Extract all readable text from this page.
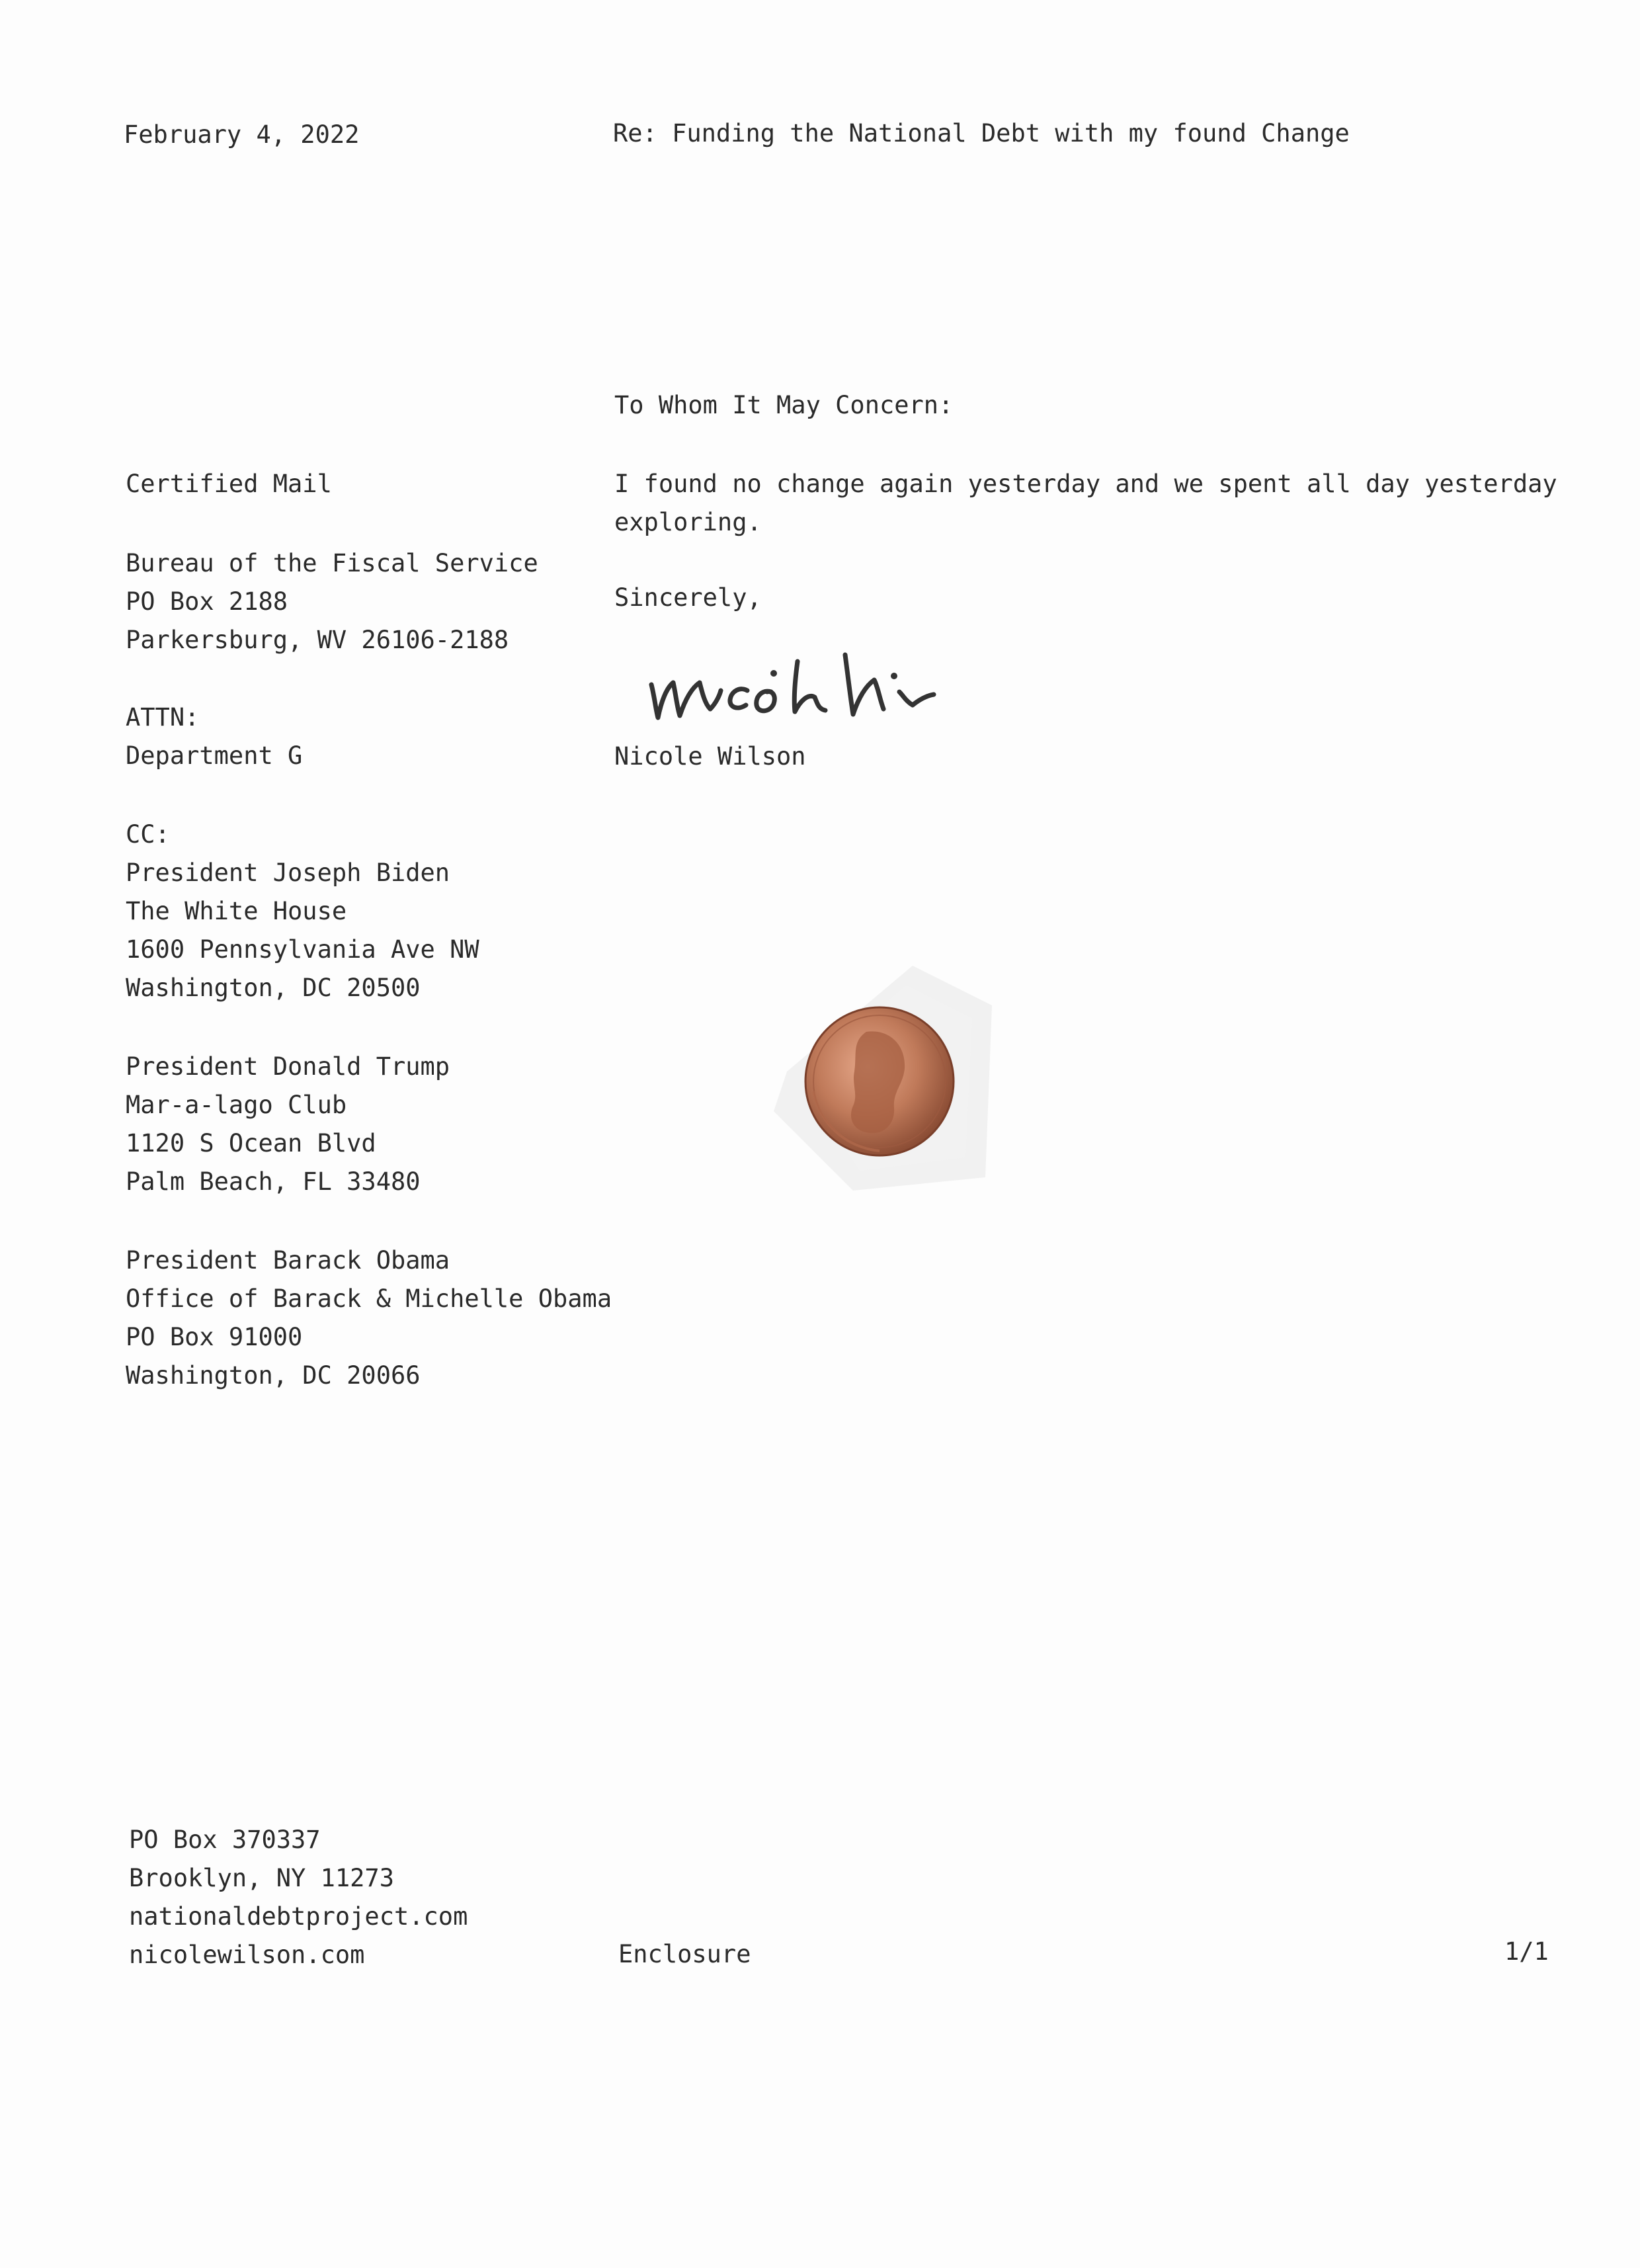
February 4, 2022	Re: Funding the National Debt with my found Change
Certified Mail
Bureau of the Fiscal Service
PO Box 2188
Parkersburg, WV 26106-2188
ATTN:
Department G
CC:
President Joseph Biden
The White House
1600 Pennsylvania Ave NW
Washington, DC 20500
President Donald Trump
Mar-a-lago Club
1120 S Ocean Blvd
Palm Beach, FL 33480
President Barack Obama
Office of Barack & Michelle Obama
PO Box 91000
Washington, DC 20066
To Whom It May Concern:
I found no change again yesterday and we spent all day yesterday
exploring.
Sincerely,
Nicole Wilson
PO Box 370337
Brooklyn, NY 11273
nationaldebtproject.com
nicolewilson.com	Enclosure	1/1
